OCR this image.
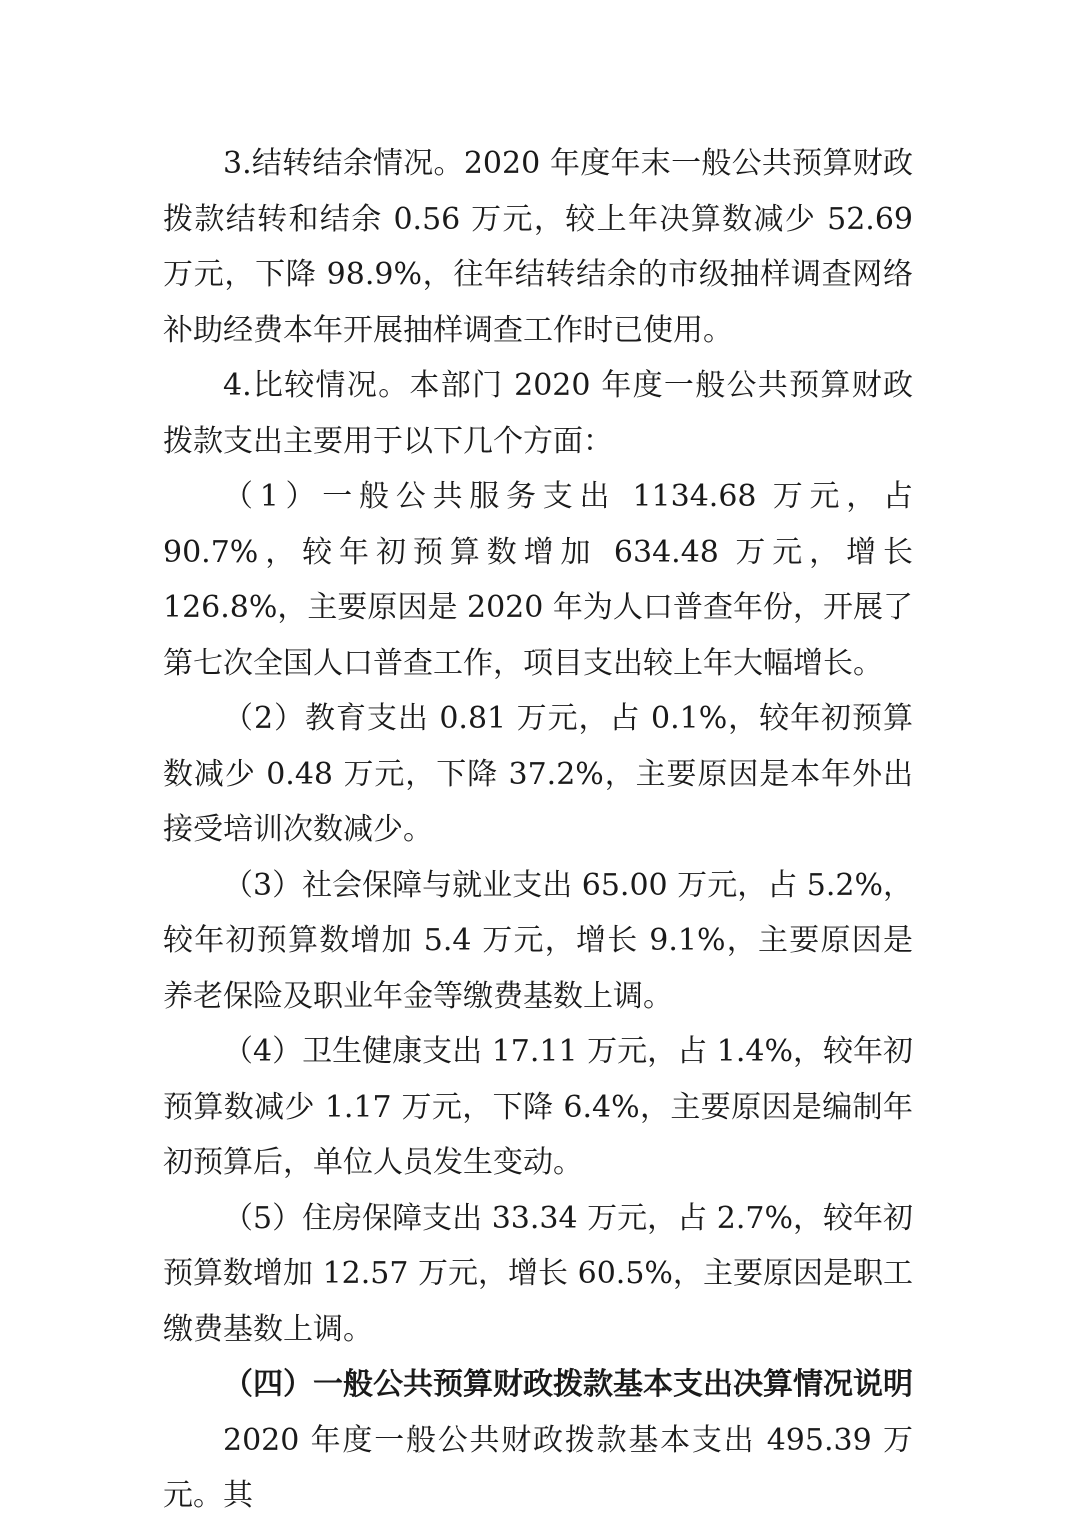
3.结转结余情况。2020 年度年末一般公共预算财政拨款结转和结余 0.56 万元，较上年决算数减少 52.69 万元，下降 98.9%，往年结转结余的市级抽样调查网络补助经费本年开展抽样调查工作时已使用。

4.比较情况。本部门 2020 年度一般公共预算财政拨款支出主要用于以下几个方面：

（1）一般公共服务支出 1134.68 万元，占 90.7%，较年初预算数增加 634.48 万元，增长 126.8%，主要原因是 2020 年为人口普查年份，开展了第七次全国人口普查工作，项目支出较上年大幅增长。

（2）教育支出 0.81 万元，占 0.1%，较年初预算数减少 0.48 万元，下降 37.2%，主要原因是本年外出接受培训次数减少。

（3）社会保障与就业支出 65.00 万元，占 5.2%，较年初预算数增加 5.4 万元，增长 9.1%，主要原因是养老保险及职业年金等缴费基数上调。

（4）卫生健康支出 17.11 万元，占 1.4%，较年初预算数减少 1.17 万元，下降 6.4%，主要原因是编制年初预算后，单位人员发生变动。

（5）住房保障支出 33.34 万元，占 2.7%，较年初预算数增加 12.57 万元，增长 60.5%，主要原因是职工缴费基数上调。

（四）一般公共预算财政拨款基本支出决算情况说明

2020 年度一般公共财政拨款基本支出 495.39 万元。其
